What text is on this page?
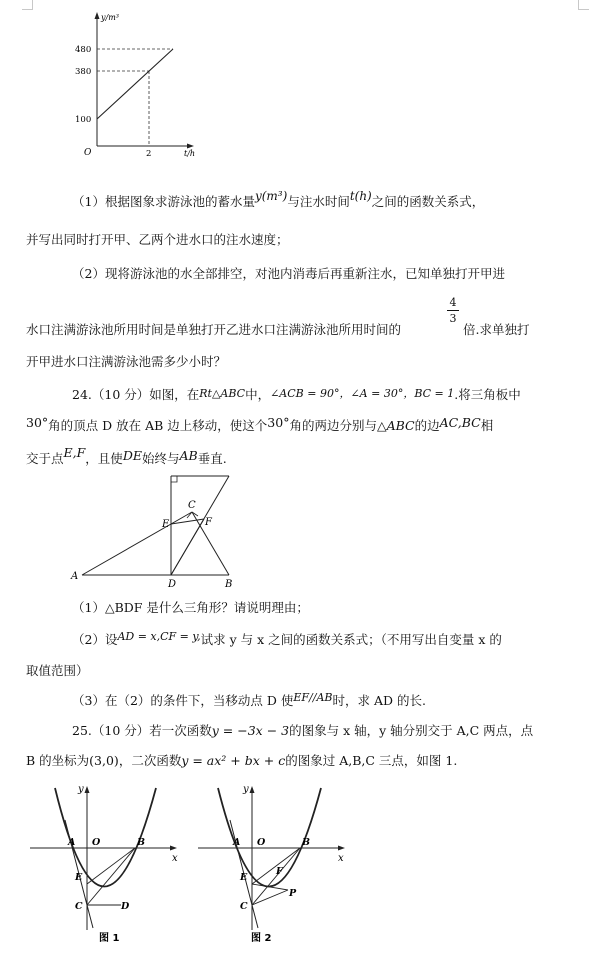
y/m³
480
380
100
O	2	t/h
（1）根据图象求游泳池的蓄水量y(m³)与注水时间t(h)之间的函数关系式，
并写出同时打开甲、乙两个进水口的注水速度；
（2）现将游泳池的水全部排空，对池内消毒后再重新注水，已知单独打开甲进
水口注满游泳池所用时间是单独打开乙进水口注满游泳池所用时间的
4
3
倍.求单独打
开甲进水口注满游泳池需多少小时？
24.（10 分）如图，在Rt△ABC中，∠ACB = 90°，∠A = 30°，BC = 1.将三角板中
30°角的顶点 D 放在 AB 边上移动，使这个30°角的两边分别与△ABC的边AC,BC相
交于点E,F，且使DE始终与AB垂直.
A
B
C
D
E	F
（1）△BDF 是什么三角形？请说明理由；
（2）设AD = x,CF = y,试求 y 与 x 之间的函数关系式；（不用写出自变量 x 的
取值范围）
（3）在（2）的条件下，当移动点 D 使EF//AB时，求 AD 的长.
25.（10 分）若一次函数y = −3x − 3的图象与 x 轴，y 轴分别交于 A,C 两点，点
B 的坐标为(3,0)，二次函数y = ax² + bx + c的图象过 A,B,C 三点，如图 1.
y
x
A O	B
E
C	D
图 1
y
x
A O	B
E
F
C
P
图 2
